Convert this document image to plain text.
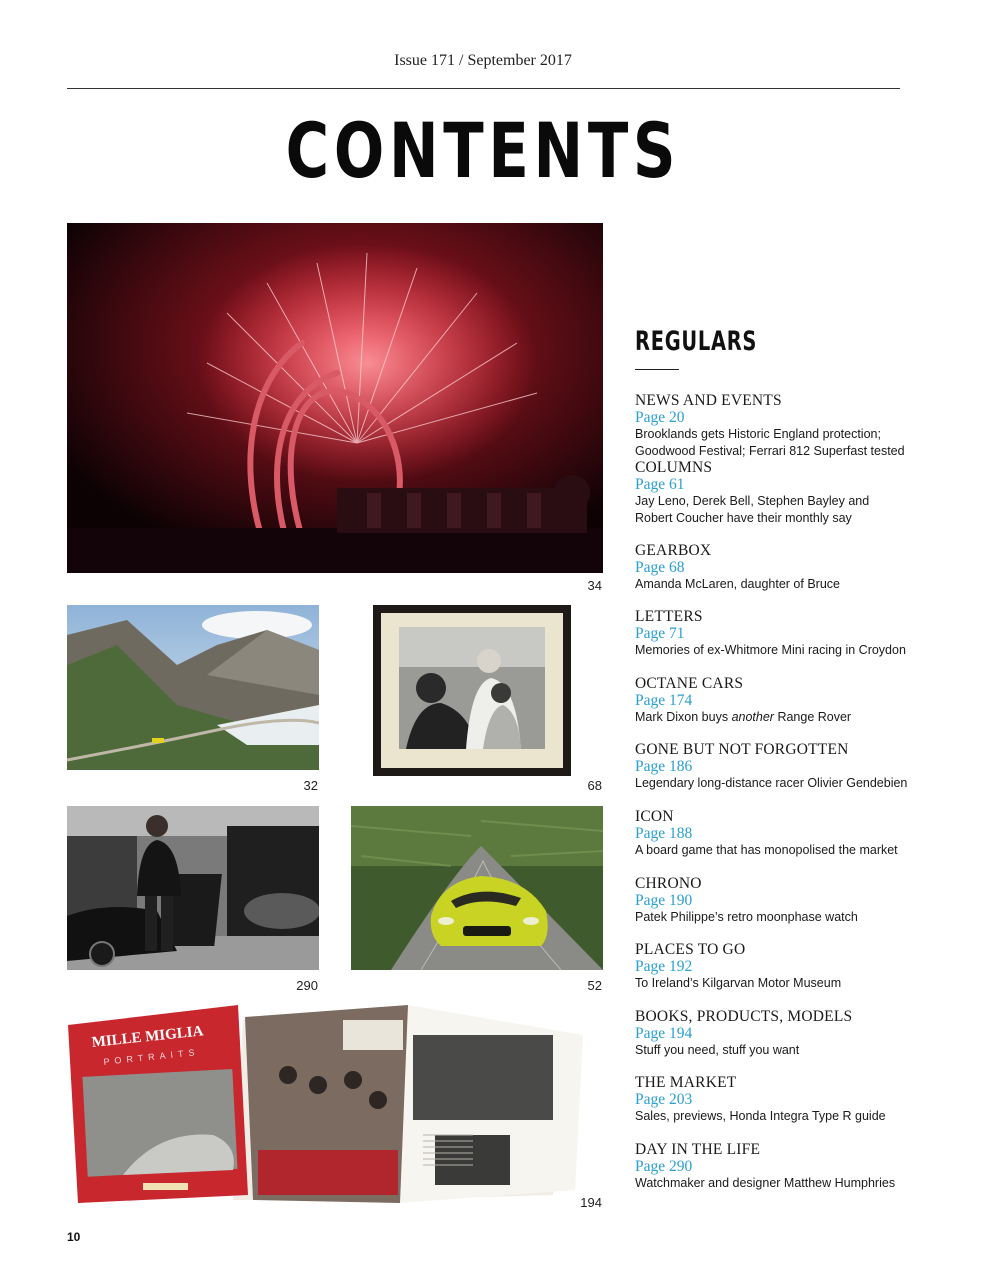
Issue 171 / September 2017
CONTENTS
34
32	68
290	52
MILLE MIGLIA
PORTRAITS
194
REGULARS
NEWS AND EVENTS
Page 20
Brooklands gets Historic England protection;
Goodwood Festival; Ferrari 812 Superfast tested
COLUMNS
Page 61
Jay Leno, Derek Bell, Stephen Bayley and
Robert Coucher have their monthly say
GEARBOX
Page 68
Amanda McLaren, daughter of Bruce
LETTERS
Page 71
Memories of ex-Whitmore Mini racing in Croydon
OCTANE CARS
Page 174
Mark Dixon buys another Range Rover
GONE BUT NOT FORGOTTEN
Page 186
Legendary long-distance racer Olivier Gendebien
ICON
Page 188
A board game that has monopolised the market
CHRONO
Page 190
Patek Philippe’s retro moonphase watch
PLACES TO GO
Page 192
To Ireland’s Kilgarvan Motor Museum
BOOKS, PRODUCTS, MODELS
Page 194
Stuff you need, stuff you want
THE MARKET
Page 203
Sales, previews, Honda Integra Type R guide
DAY IN THE LIFE
Page 290
Watchmaker and designer Matthew Humphries
10
